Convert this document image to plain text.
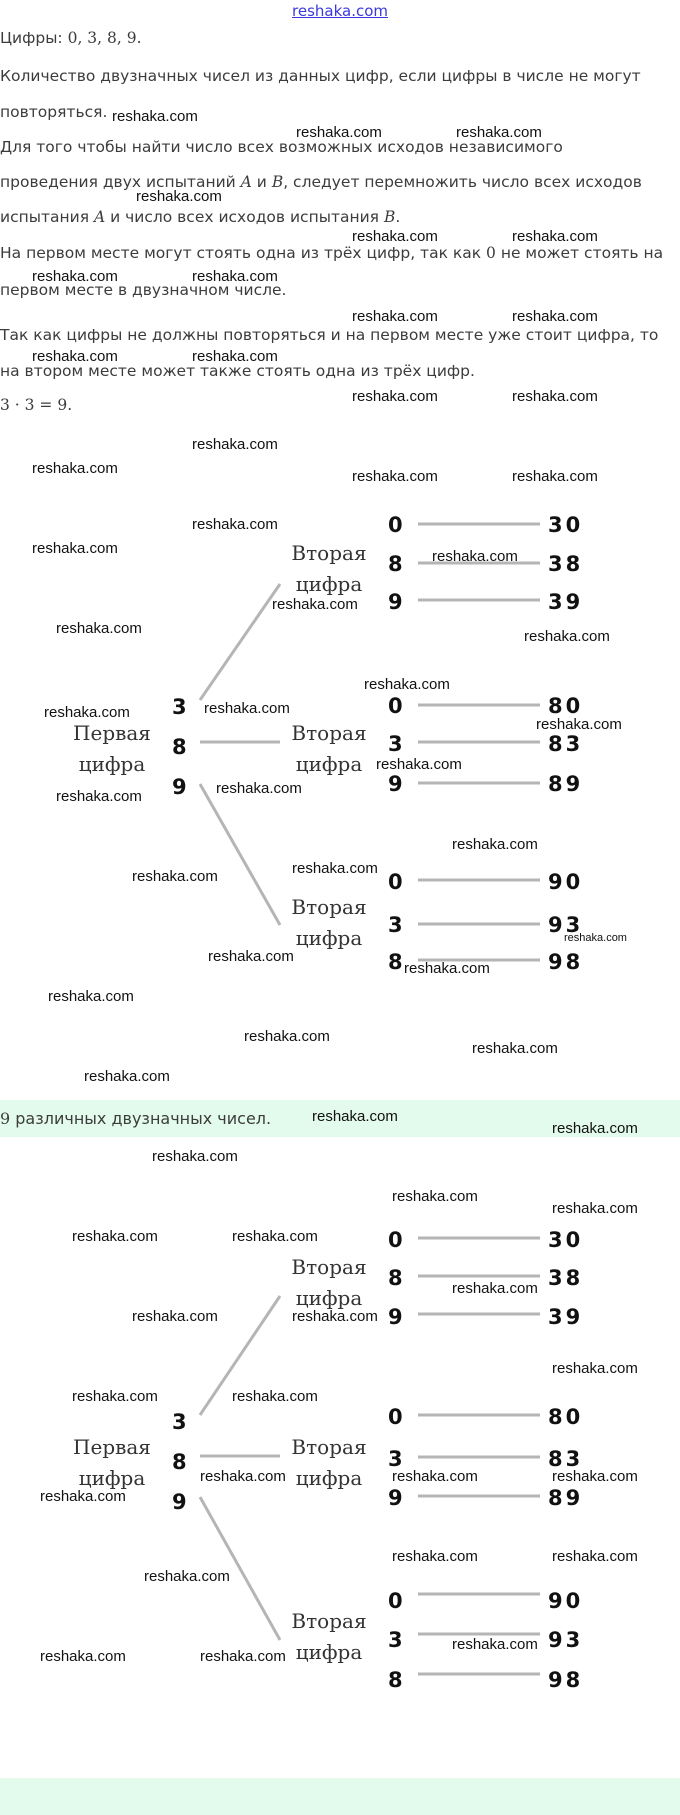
reshaka.com
Цифры: 0, 3, 8, 9.
Количество двузначных чисел из данных цифр, если цифры в числе не могут
повторяться.
Для того чтобы найти число всех возможных исходов независимого
проведения двух испытаний A и B, следует перемножить число всех исходов
испытания A и число всех исходов испытания B.
На первом месте могут стоять одна из трёх цифр, так как 0 не может стоять на
первом месте в двузначном числе.
Так как цифры не должны повторяться и на первом месте уже стоит цифра, то
на втором месте может также стоять одна из трёх цифр.
3 · 3 = 9.
9 различных двузначных чисел.
Первая
цифра
3
8
9
Вторая
цифра
Вторая
цифра
Вторая
цифра
0
8
9
0
3
9
0
3
8
30
38
39
80
83
89
90
93
98
Первая
цифра
3
8
9
Вторая
цифра
Вторая
цифра
Вторая
цифра
0
8
9
0
3
9
0
3
8
30
38
39
80
83
89
90
93
98
reshaka.com
reshaka.com	reshaka.com
reshaka.com
reshaka.com	reshaka.com
reshaka.com	reshaka.com
reshaka.com	reshaka.com
reshaka.com	reshaka.com
reshaka.com	reshaka.com
reshaka.com
reshaka.com	reshaka.com	reshaka.com
reshaka.com
reshaka.com	reshaka.com
reshaka.com
reshaka.com	reshaka.com
reshaka.com
reshaka.com	reshaka.com
reshaka.com
reshaka.com
reshaka.com	reshaka.com
reshaka.com
reshaka.com
reshaka.com
reshaka.com
reshaka.com
reshaka.com
reshaka.com
reshaka.com
reshaka.com
reshaka.com
reshaka.com
reshaka.com
reshaka.com
reshaka.com
reshaka.com
reshaka.com	reshaka.com
reshaka.com
reshaka.com	reshaka.com
reshaka.com
reshaka.com	reshaka.com
reshaka.com	reshaka.com	reshaka.com
reshaka.com
reshaka.com	reshaka.com
reshaka.com
reshaka.com
reshaka.com	reshaka.com
